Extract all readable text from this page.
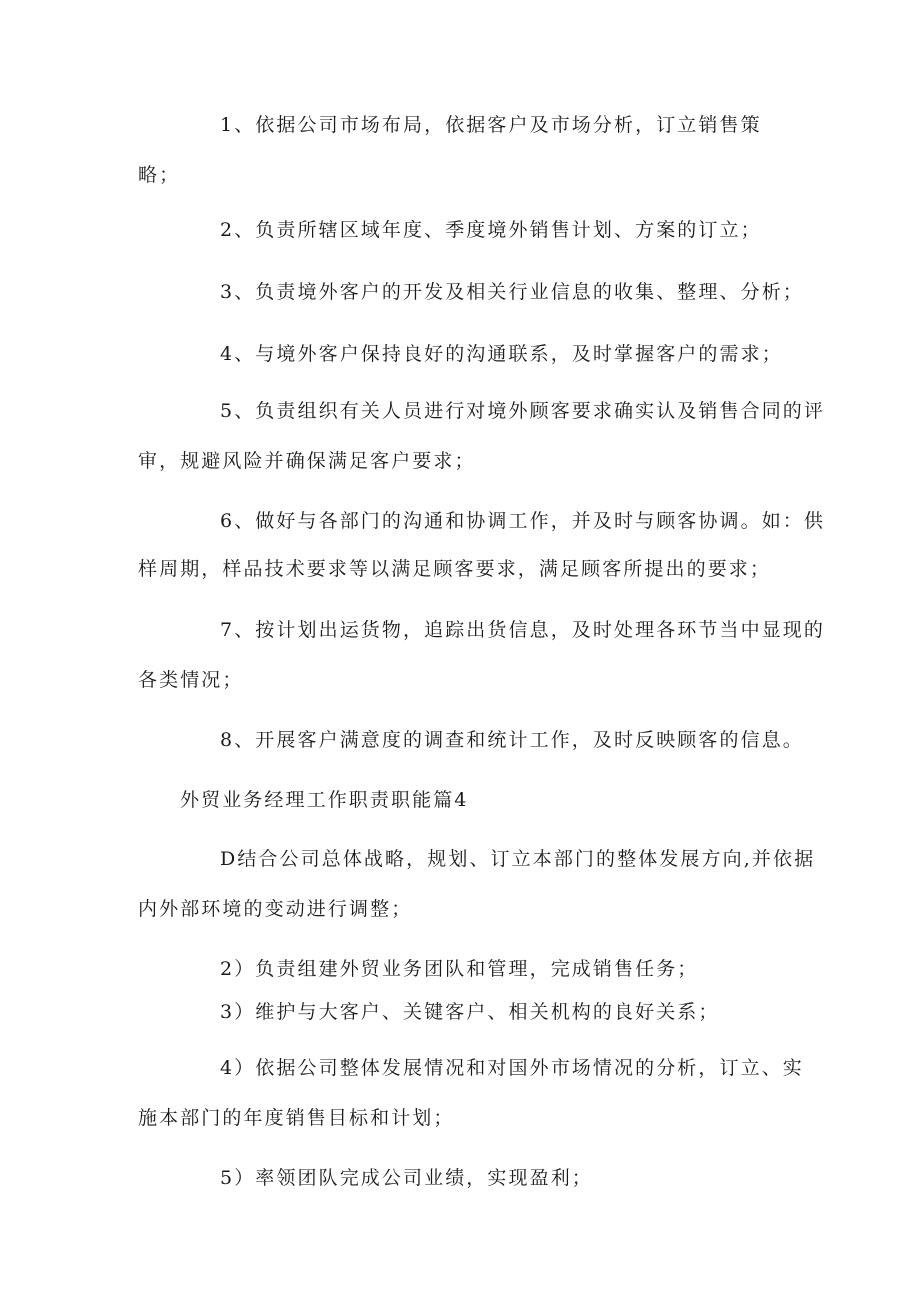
1、依据公司市场布局，依据客户及市场分析，订立销售策
略；
2、负责所辖区域年度、季度境外销售计划、方案的订立；
3、负责境外客户的开发及相关行业信息的收集、整理、分析；
4、与境外客户保持良好的沟通联系，及时掌握客户的需求；
5、负责组织有关人员进行对境外顾客要求确实认及销售合同的评
审，规避风险并确保满足客户要求；
6、做好与各部门的沟通和协调工作，并及时与顾客协调。如：供
样周期，样品技术要求等以满足顾客要求，满足顾客所提出的要求；
7、按计划出运货物，追踪出货信息，及时处理各环节当中显现的
各类情况；
8、开展客户满意度的调查和统计工作，及时反映顾客的信息。
外贸业务经理工作职责职能篇4
D结合公司总体战略，规划、订立本部门的整体发展方向,并依据
内外部环境的变动进行调整；
2）负责组建外贸业务团队和管理，完成销售任务；
3）维护与大客户、关键客户、相关机构的良好关系；
4）依据公司整体发展情况和对国外市场情况的分析，订立、实
施本部门的年度销售目标和计划；
5）率领团队完成公司业绩，实现盈利；
